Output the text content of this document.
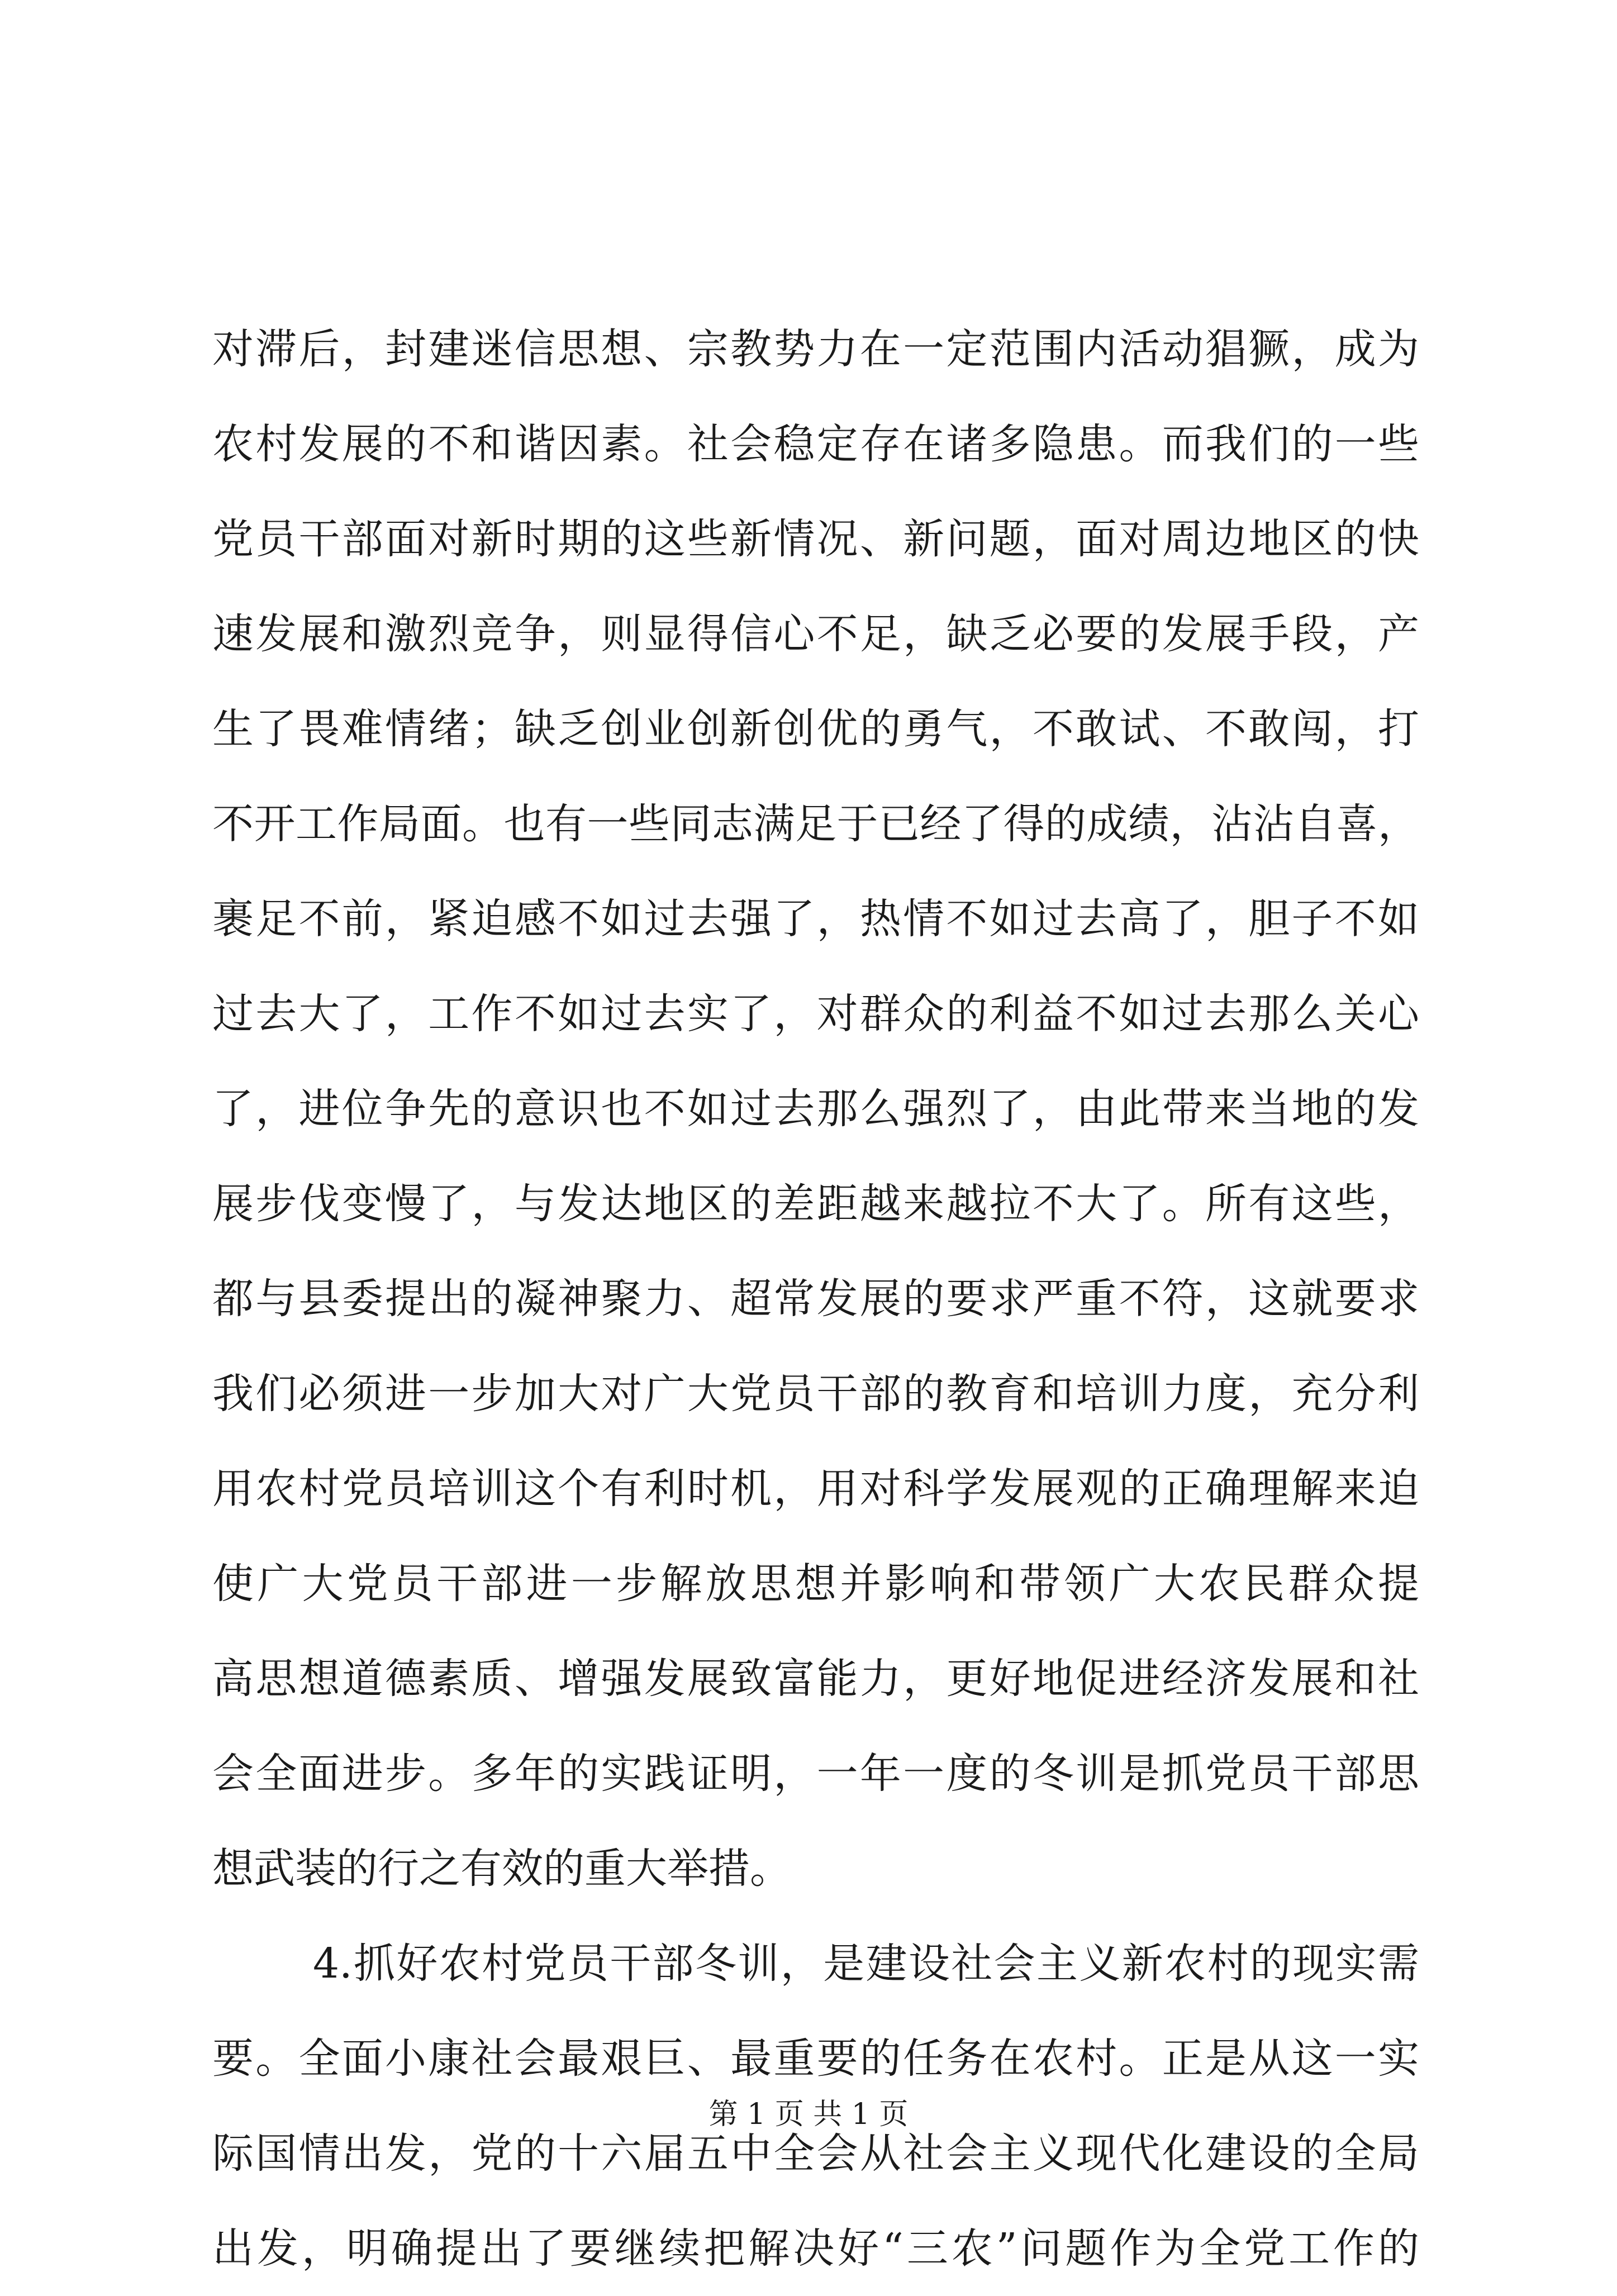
对滞后，封建迷信思想、宗教势力在一定范围内活动猖獗，成为
农村发展的不和谐因素。社会稳定存在诸多隐患。而我们的一些
党员干部面对新时期的这些新情况、新问题，面对周边地区的快
速发展和激烈竞争，则显得信心不足，缺乏必要的发展手段，产
生了畏难情绪；缺乏创业创新创优的勇气，不敢试、不敢闯，打
不开工作局面。也有一些同志满足于已经了得的成绩，沾沾自喜，
裹足不前，紧迫感不如过去强了，热情不如过去高了，胆子不如
过去大了，工作不如过去实了，对群众的利益不如过去那么关心
了，进位争先的意识也不如过去那么强烈了，由此带来当地的发
展步伐变慢了，与发达地区的差距越来越拉不大了。所有这些，
都与县委提出的凝神聚力、超常发展的要求严重不符，这就要求
我们必须进一步加大对广大党员干部的教育和培训力度，充分利
用农村党员培训这个有利时机，用对科学发展观的正确理解来迫
使广大党员干部进一步解放思想并影响和带领广大农民群众提
高思想道德素质、增强发展致富能力，更好地促进经济发展和社
会全面进步。多年的实践证明，一年一度的冬训是抓党员干部思
想武装的行之有效的重大举措。
4.抓好农村党员干部冬训，是建设社会主义新农村的现实需
要。全面小康社会最艰巨、最重要的任务在农村。正是从这一实
际国情出发，党的十六届五中全会从社会主义现代化建设的全局
出发，明确提出了要继续把解决好“三农”问题作为全党工作的
第 1 页 共 1 页
